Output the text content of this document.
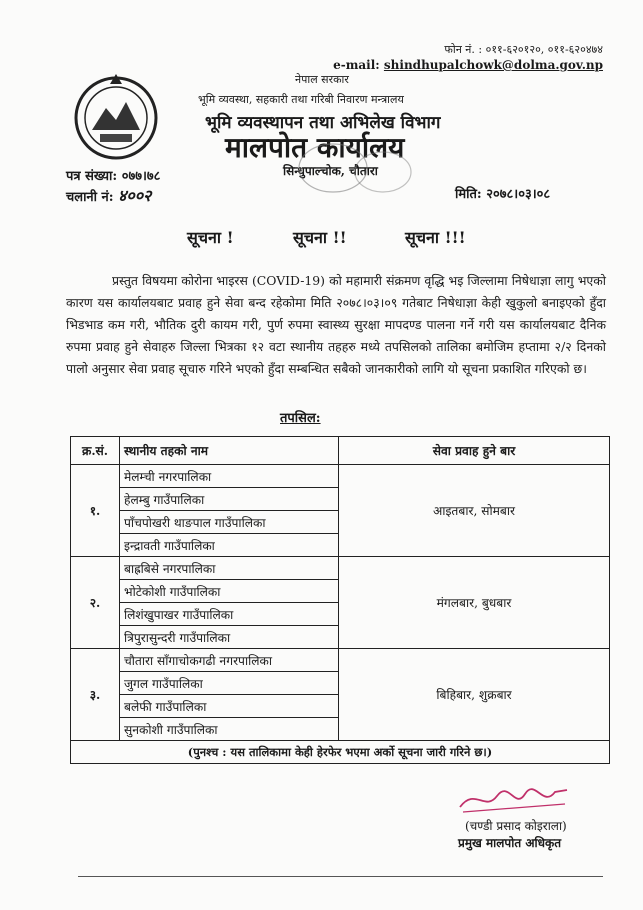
फोन नं. : ०११-६२०१२०, ०११-६२०४७४
e-mail: shindhupalchowk@dolma.gov.np
नेपाल सरकार
भूमि व्यवस्था, सहकारी तथा गरिबी निवारण मन्त्रालय
भूमि व्यवस्थापन तथा अभिलेख विभाग
मालपोत कार्यालय
सिन्धुपाल्चोक, चौतारा
पत्र संख्या: ०७७।७८
चलानी नं: ४००२	मिति: २०७८।०३।०८
सूचना !	सूचना !!	सूचना !!!
प्रस्तुत विषयमा कोरोना भाइरस (COVID-19) को महामारी संक्रमण वृद्धि भइ जिल्लामा निषेधाज्ञा लागु भएको कारण यस कार्यालयबाट प्रवाह हुने सेवा बन्द रहेकोमा मिति २०७८।०३।०९ गतेबाट निषेधाज्ञा केही खुकुलो बनाइएको हुँदा भिडभाड कम गरी, भौतिक दुरी कायम गरी, पुर्ण रुपमा स्वास्थ्य सुरक्षा मापदण्ड पालना गर्ने गरी यस कार्यालयबाट दैनिक रुपमा प्रवाह हुने सेवाहरु जिल्ला भित्रका १२ वटा स्थानीय तहहरु मध्ये तपसिलको तालिका बमोजिम हप्तामा २/२ दिनको पालो अनुसार सेवा प्रवाह सूचारु गरिने भएको हुँदा सम्बन्धित सबैको जानकारीको लागि यो सूचना प्रकाशित गरिएको छ।
तपसिल:
क्र.सं.	स्थानीय तहको नाम	सेवा प्रवाह हुने बार
१.	मेलम्ची नगरपालिका	आइतबार, सोमबार
	हेलम्बु गाउँपालिका	
	पाँचपोखरी थाङपाल गाउँपालिका	
	इन्द्रावती गाउँपालिका	
२.	बाह्रबिसे नगरपालिका	मंगलबार, बुधबार
	भोटेकोशी गाउँपालिका	
	लिशंखुपाखर गाउँपालिका	
	त्रिपुरासुन्दरी गाउँपालिका	
३.	चौतारा साँगाचोकगढी नगरपालिका	बिहिबार, शुक्रबार
	जुगल गाउँपालिका	
	बलेफी गाउँपालिका	
	सुनकोशी गाउँपालिका	
(पुनश्च : यस तालिकामा केही हेरफेर भएमा अर्को सूचना जारी गरिने छ।)		
(चण्डी प्रसाद कोइराला)
प्रमुख मालपोत अधिकृत
